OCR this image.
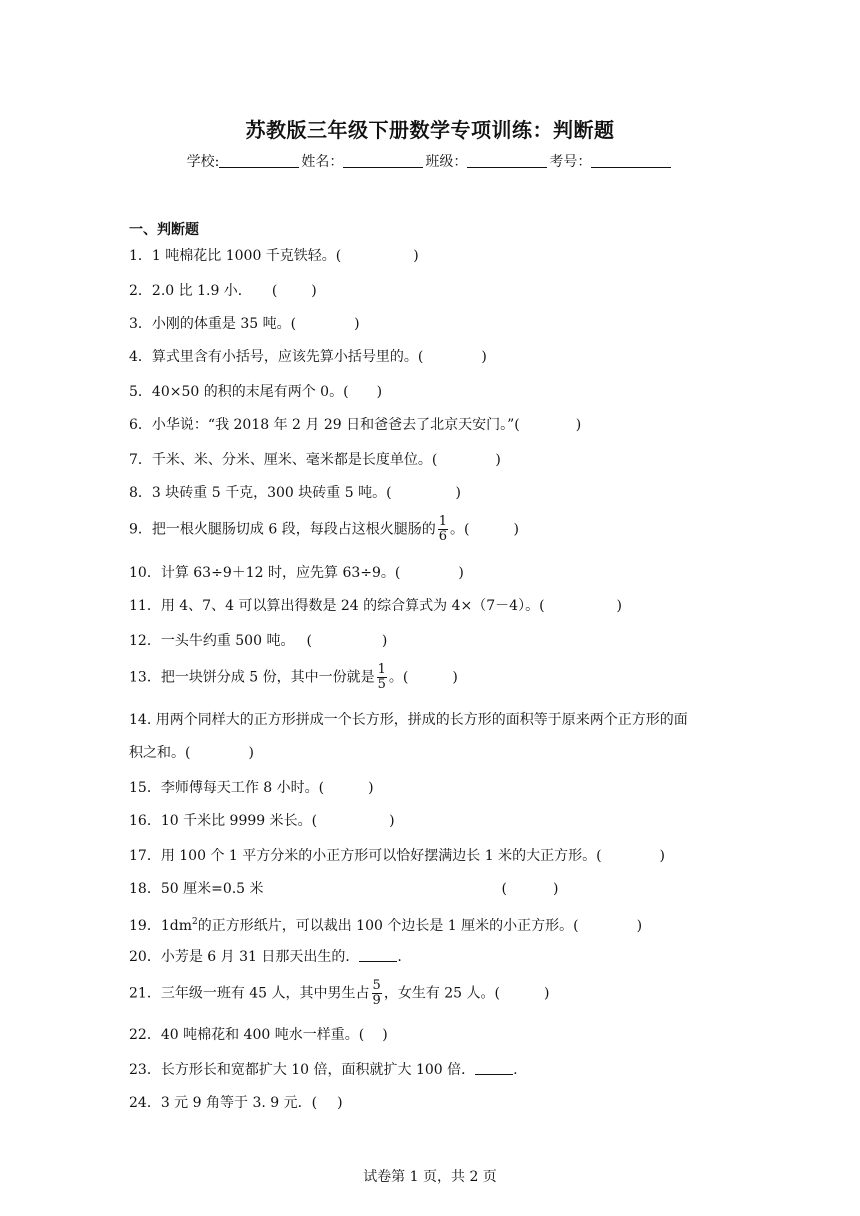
苏教版三年级下册数学专项训练：判断题
学校:	姓名：	班级：	考号：
一、判断题
1．1 吨棉花比 1000 千克铁轻。(	)
2．2.0 比 1.9 小． ( )
3．小刚的体重是 35 吨。(	)
4．算式里含有小括号，应该先算小括号里的。(	)
5．40×50 的积的末尾有两个 0。( )
6．小华说：“我 2018 年 2 月 29 日和爸爸去了北京天安门。”(	)
7．千米、米、分米、厘米、毫米都是长度单位。(	)
8．3 块砖重 5 千克，300 块砖重 5 吨。(	)
9．把一根火腿肠切成 6 段，每段占这根火腿肠的 $\frac{1}{6}$ 。(	)
10．计算 63÷9＋12 时，应先算 63÷9。(	)
11．用 4、7、4 可以算出得数是 24 的综合算式为 4×（7－4）。(	)
12．一头牛约重 500 吨。 (	)
13．把一块饼分成 5 份，其中一份就是 $\frac{1}{5}$ 。(	)
14. 用两个同样大的正方形拼成一个长方形，拼成的长方形的面积等于原来两个正方形的面
积之和。(	)
15．李师傅每天工作 8 小时。(	)
16．10 千米比 9999 米长。(	)
17．用 100 个 1 平方分米的小正方形可以恰好摆满边长 1 米的大正方形。(	)
18．50 厘米=0.5 米	(	)
19．$1dm^2$的正方形纸片，可以裁出 100 个边长是 1 厘米的小正方形。(	)
20．小芳是 6 月 31 日那天出生的．	.
21．三年级一班有 45 人，其中男生占 $\frac{5}{9}$ ，女生有 25 人。(	)
22．40 吨棉花和 400 吨水一样重。( )
23．长方形长和宽都扩大 10 倍，面积就扩大 100 倍．	.
24．3 元 9 角等于 3. 9 元．( )
试卷第 1 页，共 2 页
